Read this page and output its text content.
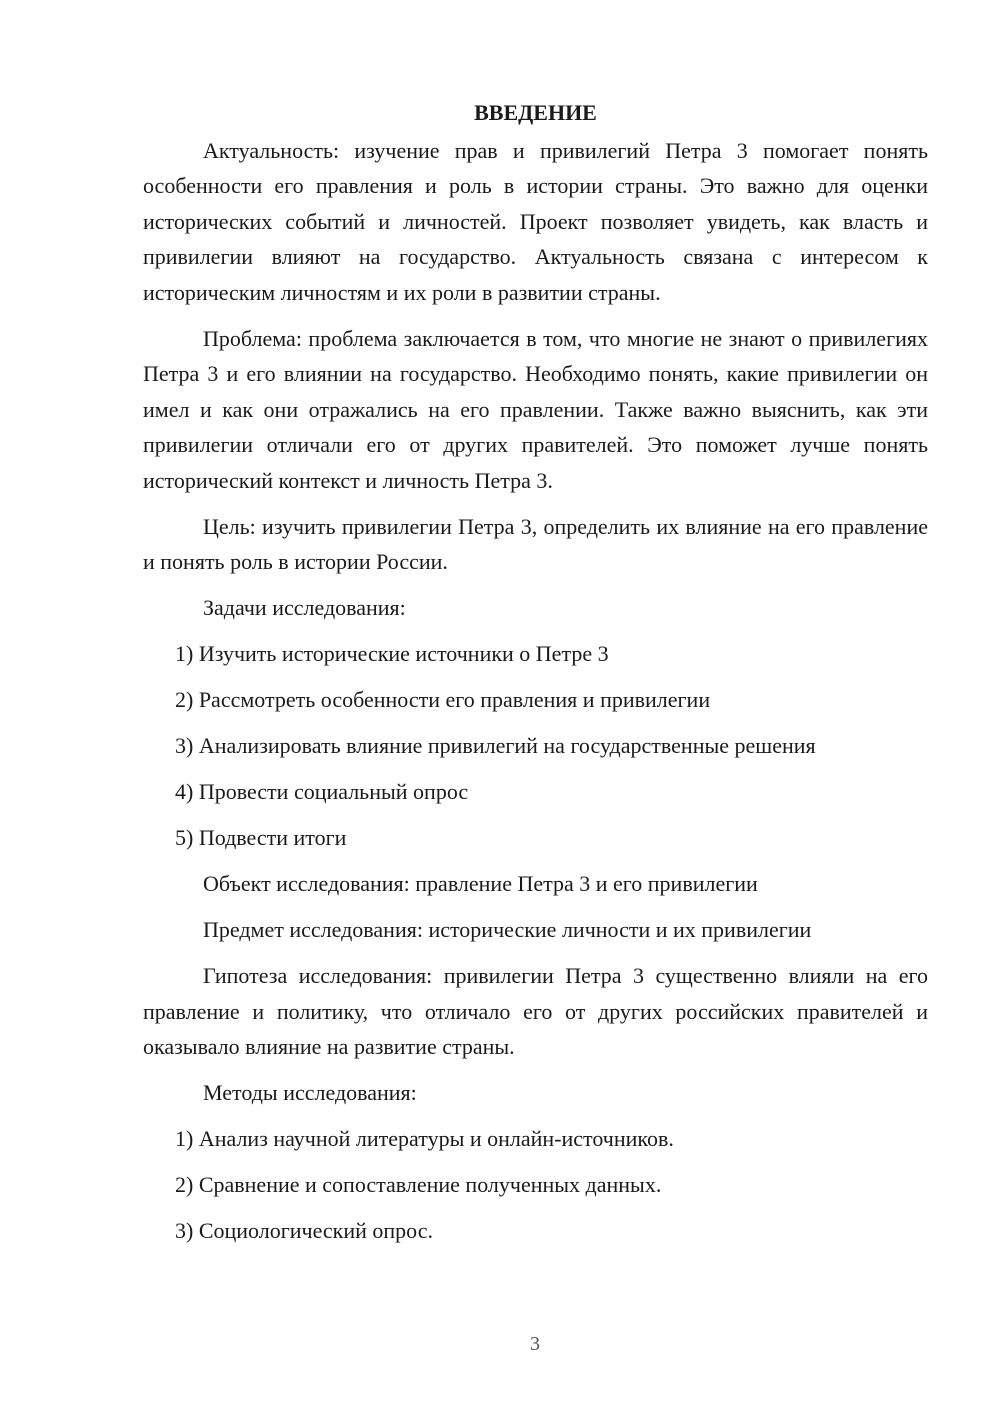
ВВЕДЕНИЕ

Актуальность: изучение прав и привилегий Петра 3 помогает понять особенности его правления и роль в истории страны. Это важно для оценки исторических событий и личностей. Проект позволяет увидеть, как власть и привилегии влияют на государство. Актуальность связана с интересом к историческим личностям и их роли в развитии страны.

Проблема: проблема заключается в том, что многие не знают о привилегиях Петра 3 и его влиянии на государство. Необходимо понять, какие привилегии он имел и как они отражались на его правлении. Также важно выяснить, как эти привилегии отличали его от других правителей. Это поможет лучше понять исторический контекст и личность Петра 3.

Цель: изучить привилегии Петра 3, определить их влияние на его правление и понять роль в истории России.

Задачи исследования:
1) Изучить исторические источники о Петре 3
2) Рассмотреть особенности его правления и привилегии
3) Анализировать влияние привилегий на государственные решения
4) Провести социальный опрос
5) Подвести итоги
Объект исследования: правление Петра 3 и его привилегии
Предмет исследования: исторические личности и их привилегии

Гипотеза исследования: привилегии Петра 3 существенно влияли на его правление и политику, что отличало его от других российских правителей и оказывало влияние на развитие страны.

Методы исследования:
1) Анализ научной литературы и онлайн-источников.
2) Сравнение и сопоставление полученных данных.
3) Социологический опрос.
3
